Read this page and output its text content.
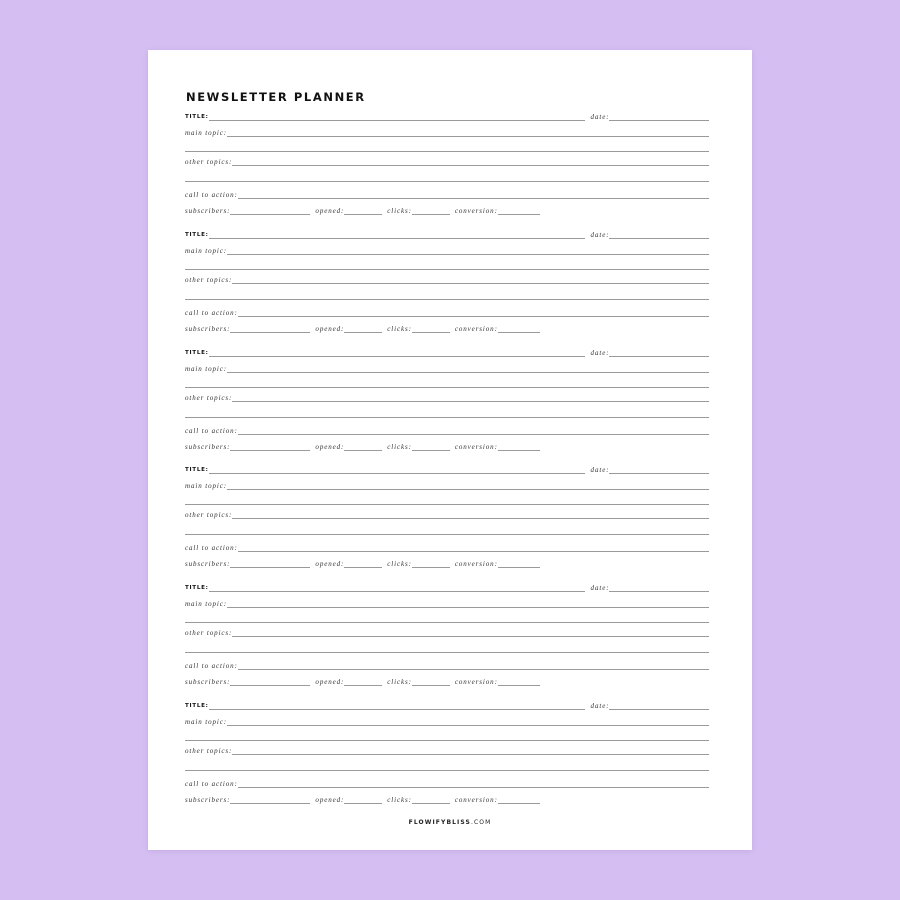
NEWSLETTER PLANNER
TITLE:	date:
main topic:
other topics:
call to action:
subscribers:	opened:	clicks:	conversion:
TITLE:	date:
main topic:
other topics:
call to action:
subscribers:	opened:	clicks:	conversion:
TITLE:	date:
main topic:
other topics:
call to action:
subscribers:	opened:	clicks:	conversion:
TITLE:	date:
main topic:
other topics:
call to action:
subscribers:	opened:	clicks:	conversion:
TITLE:	date:
main topic:
other topics:
call to action:
subscribers:	opened:	clicks:	conversion:
TITLE:	date:
main topic:
other topics:
call to action:
subscribers:	opened:	clicks:	conversion:
FLOWIFYBLISS.COM
